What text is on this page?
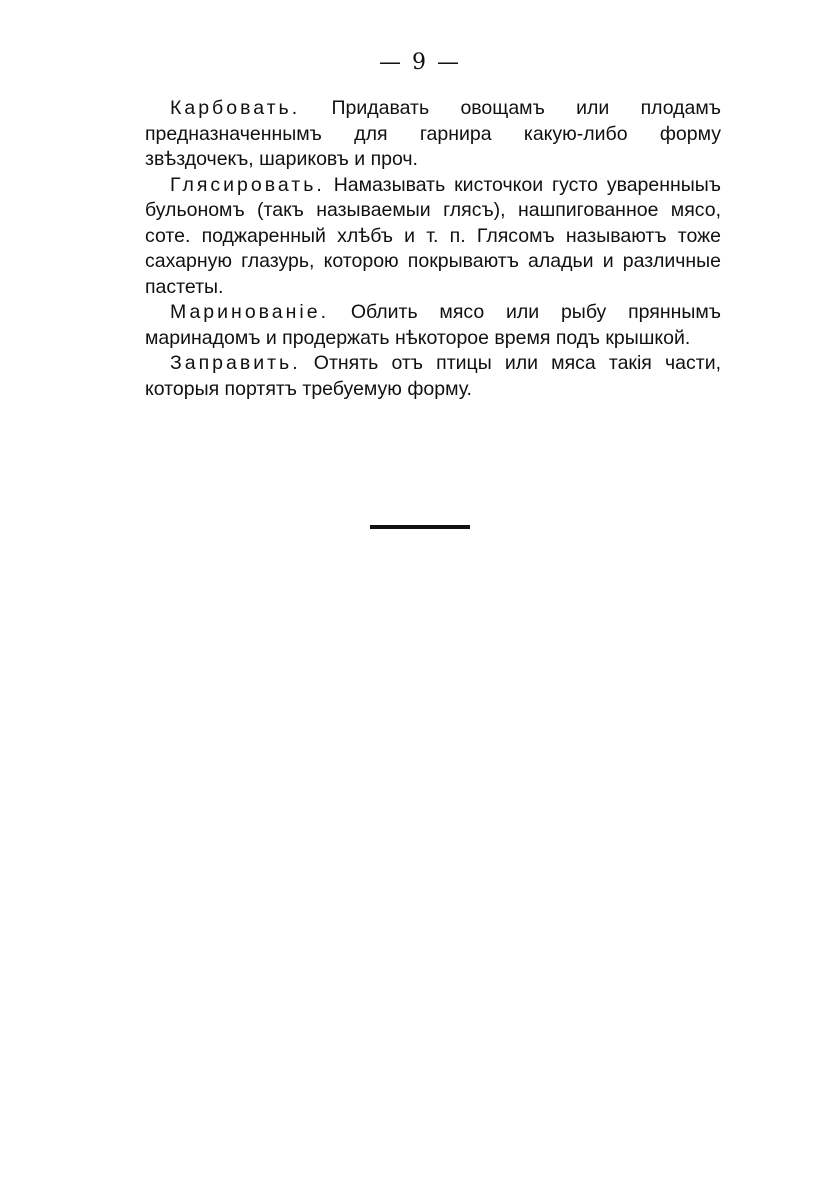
— 9 —

Карбовать. Придавать овощамъ или плодамъ предназначеннымъ для гарнира какую-либо форму звѣздочекъ, шариковъ и проч.

Глясировать. Намазывать кисточкои густо уваренныыъ бульономъ (такъ называемыи глясъ), нашпигованное мясо, соте. поджаренный хлѣбъ и т. п. Глясомъ называютъ тоже сахарную глазурь, которою покрываютъ аладьи и различные пастеты.

Маринованiе. Облить мясо или рыбу пряннымъ маринадомъ и продержать нѣкоторое время подъ крышкой.

Заправить. Отнять отъ птицы или мяса такiя части, которыя портятъ требуемую форму.
